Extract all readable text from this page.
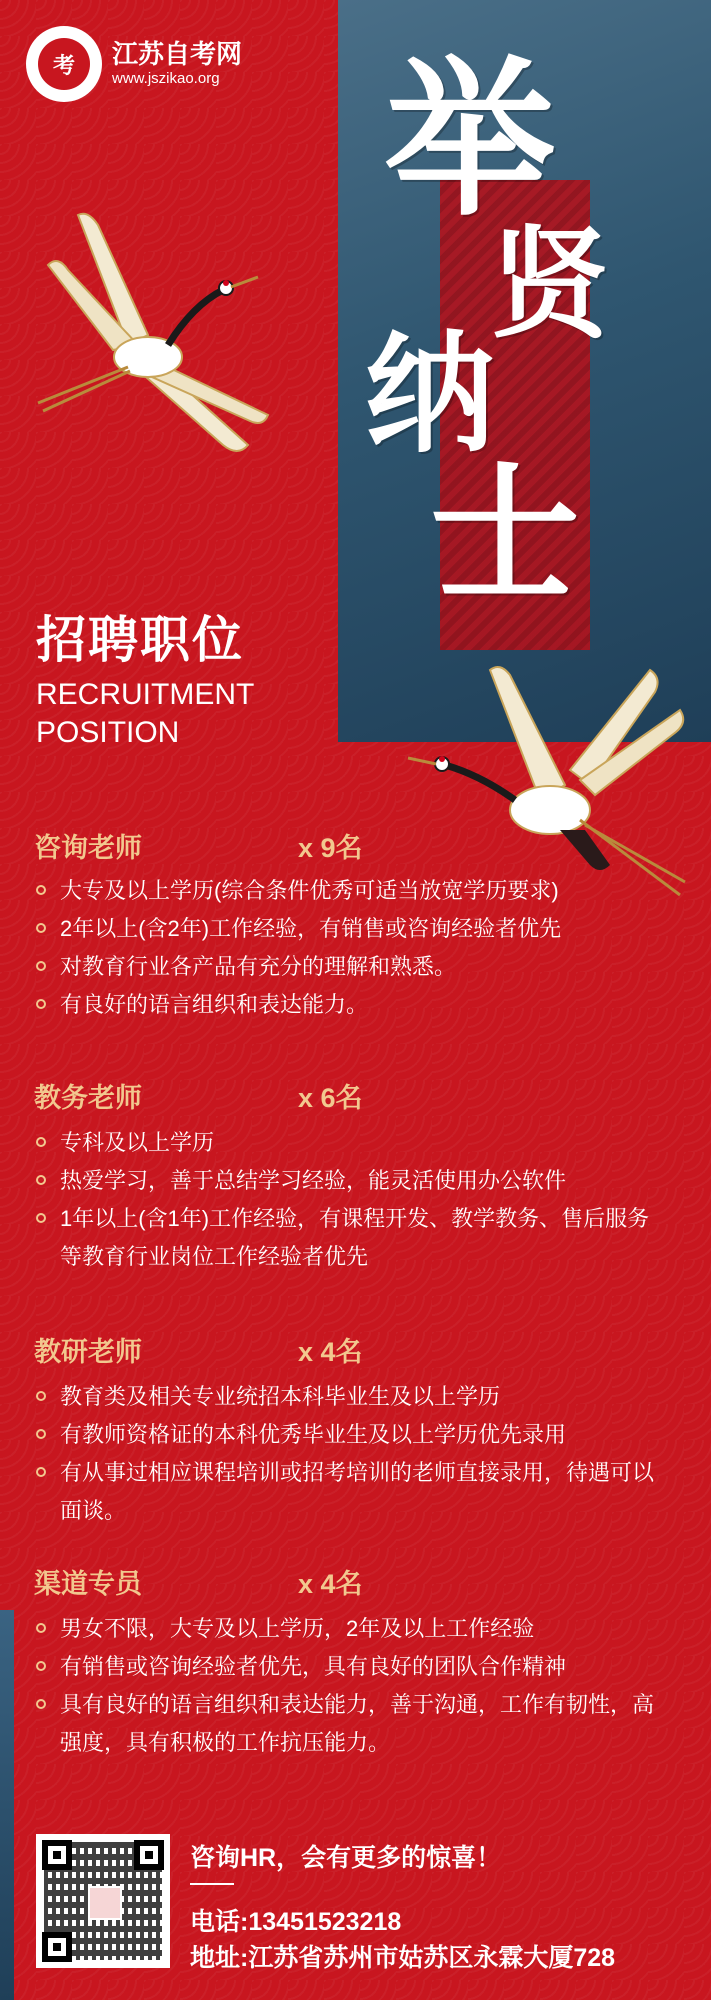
举
贤
纳
士
考	江苏自考网
www.jszikao.org
招聘职位
RECRUITMENT
POSITION
咨询老师	x 9名
大专及以上学历(综合条件优秀可适当放宽学历要求)
2年以上(含2年)工作经验，有销售或咨询经验者优先
对教育行业各产品有充分的理解和熟悉。
有良好的语言组织和表达能力。
教务老师	x 6名
专科及以上学历
热爱学习，善于总结学习经验，能灵活使用办公软件
1年以上(含1年)工作经验，有课程开发、教学教务、售后服务等教育行业岗位工作经验者优先
教研老师	x 4名
教育类及相关专业统招本科毕业生及以上学历
有教师资格证的本科优秀毕业生及以上学历优先录用
有从事过相应课程培训或招考培训的老师直接录用，待遇可以面谈。
渠道专员	x 4名
男女不限，大专及以上学历，2年及以上工作经验
有销售或咨询经验者优先，具有良好的团队合作精神
具有良好的语言组织和表达能力，善于沟通，工作有韧性，高强度，具有积极的工作抗压能力。
咨询HR，会有更多的惊喜！
电话:13451523218
地址:江苏省苏州市姑苏区永霖大厦728
